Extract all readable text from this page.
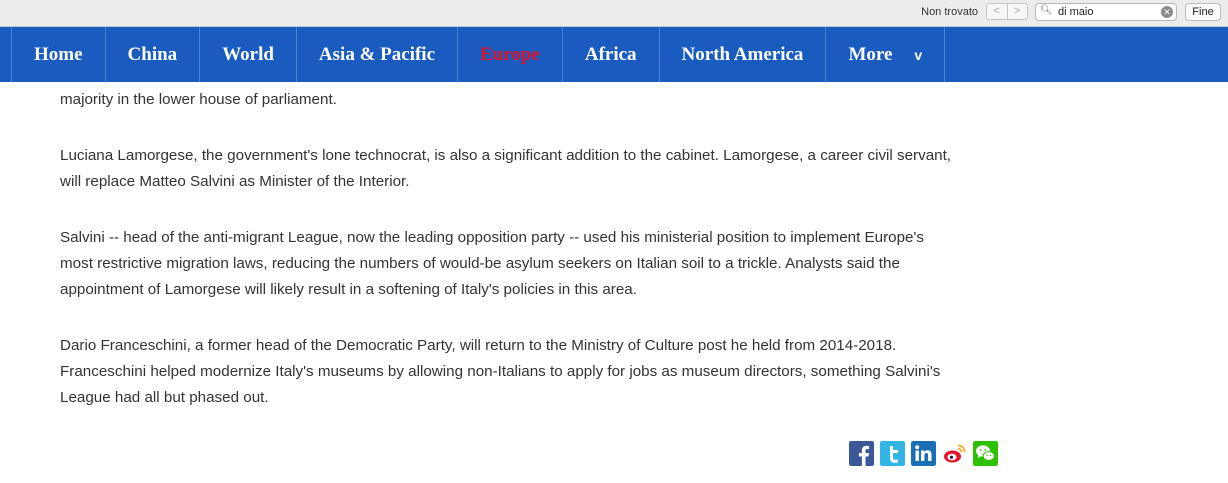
Non trovato	<	>	🔍︎
di maio	✕	Fine
Home	China	World	Asia & Pacific	Europe	Africa	North America	More v

majority in the lower house of parliament.

Luciana Lamorgese, the government's lone technocrat, is also a significant addition to the cabinet. Lamorgese, a career civil servant, will replace Matteo Salvini as Minister of the Interior.

Salvini -- head of the anti-migrant League, now the leading opposition party -- used his ministerial position to implement Europe's most restrictive migration laws, reducing the numbers of would-be asylum seekers on Italian soil to a trickle. Analysts said the appointment of Lamorgese will likely result in a softening of Italy's policies in this area.

Dario Franceschini, a former head of the Democratic Party, will return to the Ministry of Culture post he held from 2014-2018. Franceschini helped modernize Italy's museums by allowing non-Italians to apply for jobs as museum directors, something Salvini's League had all but phased out.
